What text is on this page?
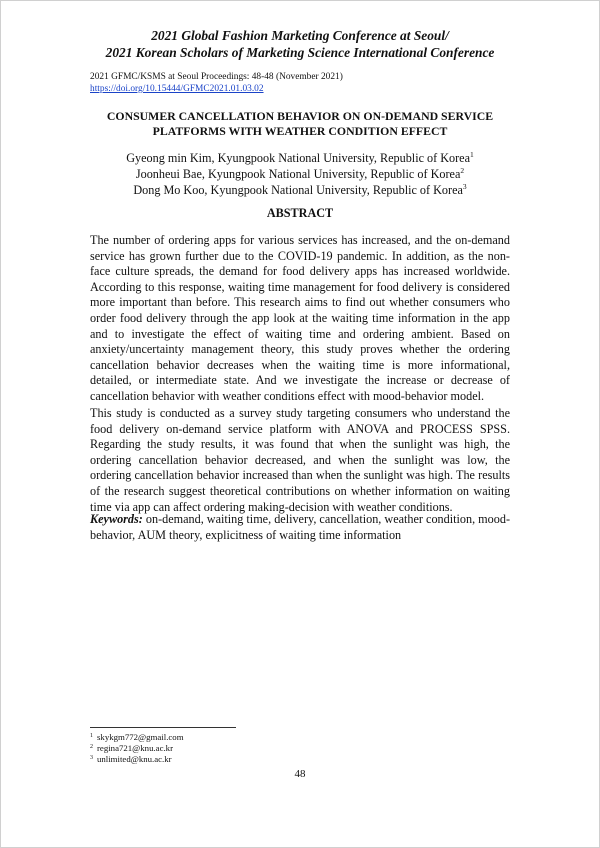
2021 Global Fashion Marketing Conference at Seoul/
2021 Korean Scholars of Marketing Science International Conference
2021 GFMC/KSMS at Seoul Proceedings: 48-48 (November 2021)
https://doi.org/10.15444/GFMC2021.01.03.02
CONSUMER CANCELLATION BEHAVIOR ON ON-DEMAND SERVICE
PLATFORMS WITH WEATHER CONDITION EFFECT
Gyeong min Kim, Kyungpook National University, Republic of Korea$^1$
Joonheui Bae, Kyungpook National University, Republic of Korea$^2$
Dong Mo Koo, Kyungpook National University, Republic of Korea$^3$
ABSTRACT

The number of ordering apps for various services has increased, and the on-demand service has grown further due to the COVID-19 pandemic. In addition, as the non-face culture spreads, the demand for food delivery apps has increased worldwide. According to this response, waiting time management for food delivery is considered more important than before. This research aims to find out whether consumers who order food delivery through the app look at the waiting time information in the app and to investigate the effect of waiting time and ordering ambient. Based on anxiety/uncertainty management theory, this study proves whether the ordering cancellation behavior decreases when the waiting time is more informational, detailed, or intermediate state. And we investigate the increase or decrease of cancellation behavior with weather conditions effect with mood-behavior model.

This study is conducted as a survey study targeting consumers who understand the food delivery on-demand service platform with ANOVA and PROCESS SPSS. Regarding the study results, it was found that when the sunlight was high, the ordering cancellation behavior decreased, and when the sunlight was low, the ordering cancellation behavior increased than when the sunlight was high. The results of the research suggest theoretical contributions on whether information on waiting time via app can affect ordering making-decision with weather conditions.

Keywords: on-demand, waiting time, delivery, cancellation, weather condition, mood-behavior, AUM theory, explicitness of waiting time information

$^1$ skykgm772@gmail.com
$^2$ regina721@knu.ac.kr
$^3$ unlimited@knu.ac.kr
48
